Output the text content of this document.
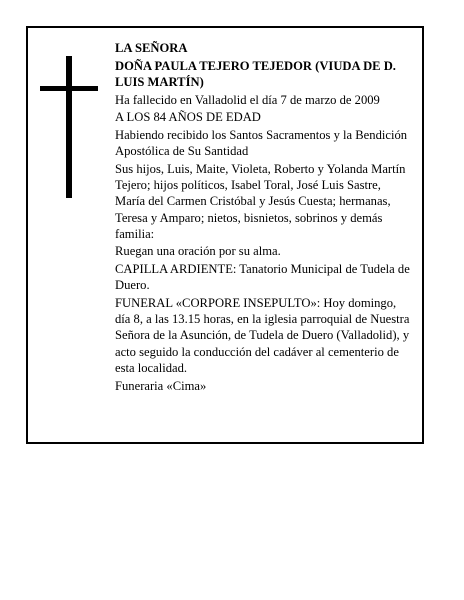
LA SEÑORA

DOÑA PAULA TEJERO TEJEDOR (VIUDA DE D. LUIS MARTÍN)

Ha fallecido en Valladolid el día 7 de marzo de 2009

A LOS 84 AÑOS DE EDAD

Habiendo recibido los Santos Sacramentos y la Bendición Apostólica de Su Santidad

Sus hijos, Luis, Maite, Violeta, Roberto y Yolanda Martín Tejero; hijos políticos, Isabel Toral, José Luis Sastre, María del Carmen Cristóbal y Jesús Cuesta; hermanas, Teresa y Amparo; nietos, bisnietos, sobrinos y demás familia:

Ruegan una oración por su alma.

CAPILLA ARDIENTE: Tanatorio Municipal de Tudela de Duero.

FUNERAL «CORPORE INSEPULTO»: Hoy domingo, día 8, a las 13.15 horas, en la iglesia parroquial de Nuestra Señora de la Asunción, de Tudela de Duero (Valladolid), y acto seguido la conducción del cadáver al cementerio de esta localidad.

Funeraria «Cima»
